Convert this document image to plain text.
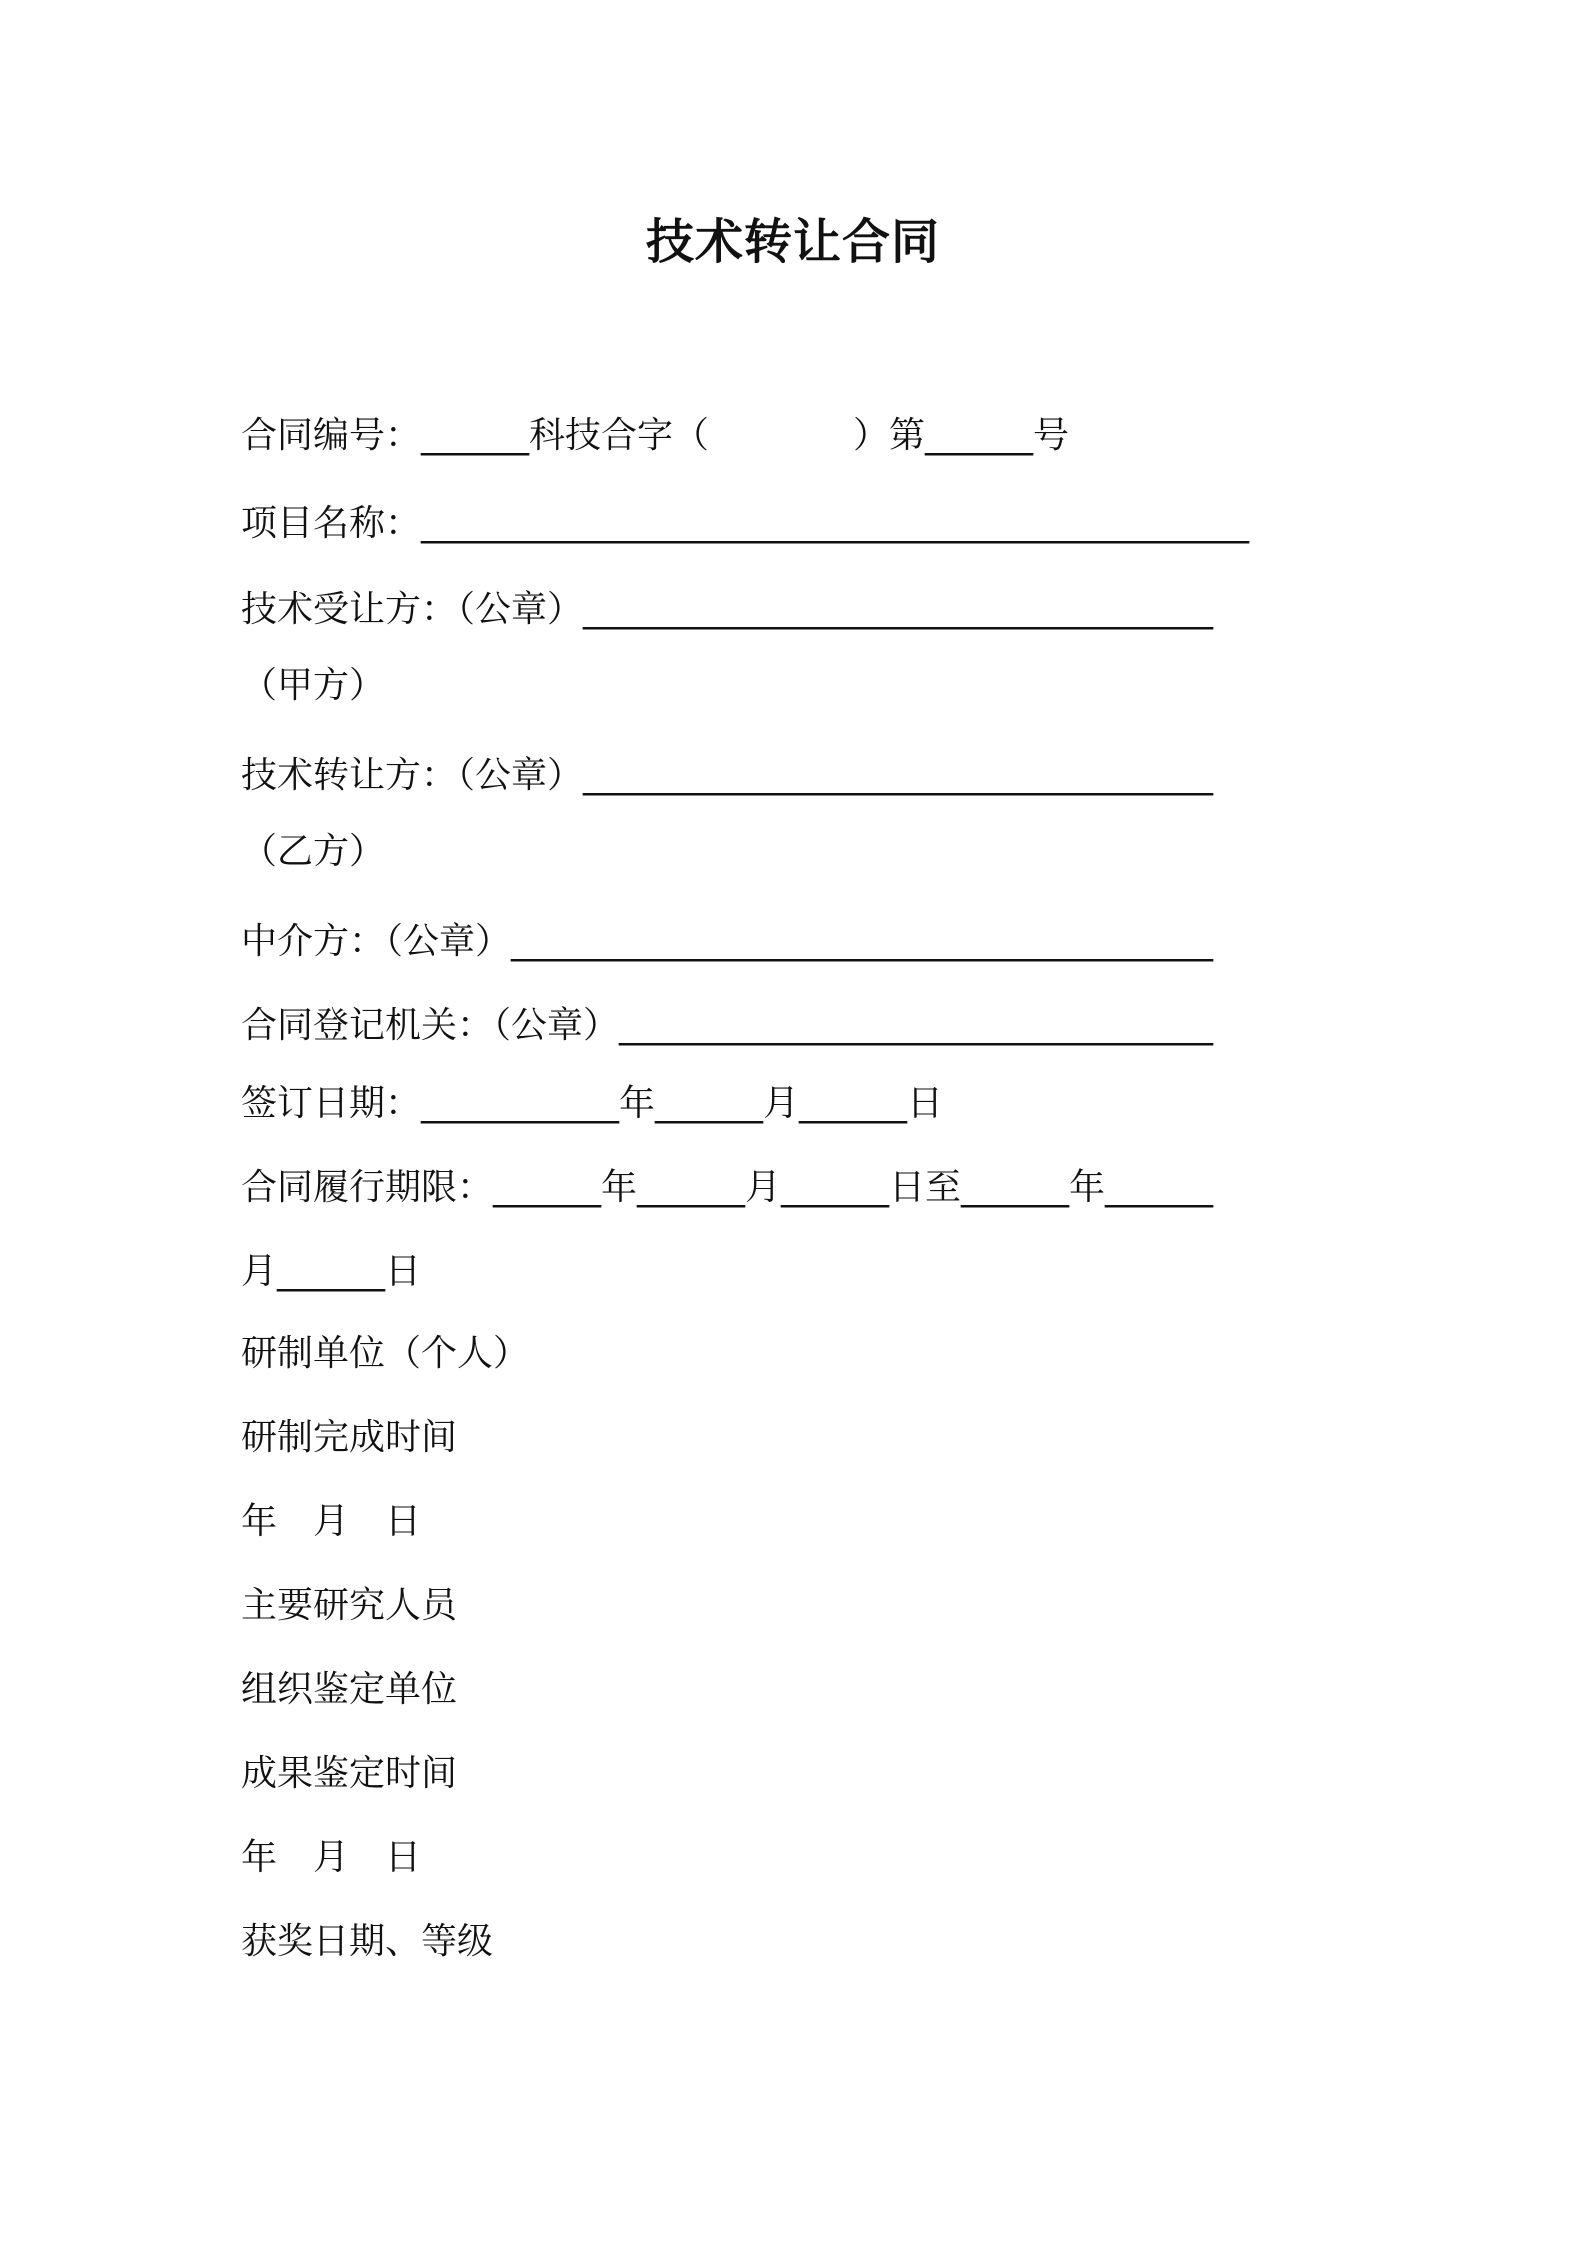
技术转让合同
合同编号：______科技合字（　　　　）第______号
项目名称：______________________________________________
技术受让方：（公章）___________________________________
（甲方）
技术转让方：（公章）___________________________________
（乙方）
中介方：（公章）_______________________________________
合同登记机关：（公章）_________________________________
签订日期：___________年______月______日
合同履行期限：______年______月______日至______年______
月______日
研制单位（个人）
研制完成时间
年　月　日
主要研究人员
组织鉴定单位
成果鉴定时间
年　月　日
获奖日期、等级
